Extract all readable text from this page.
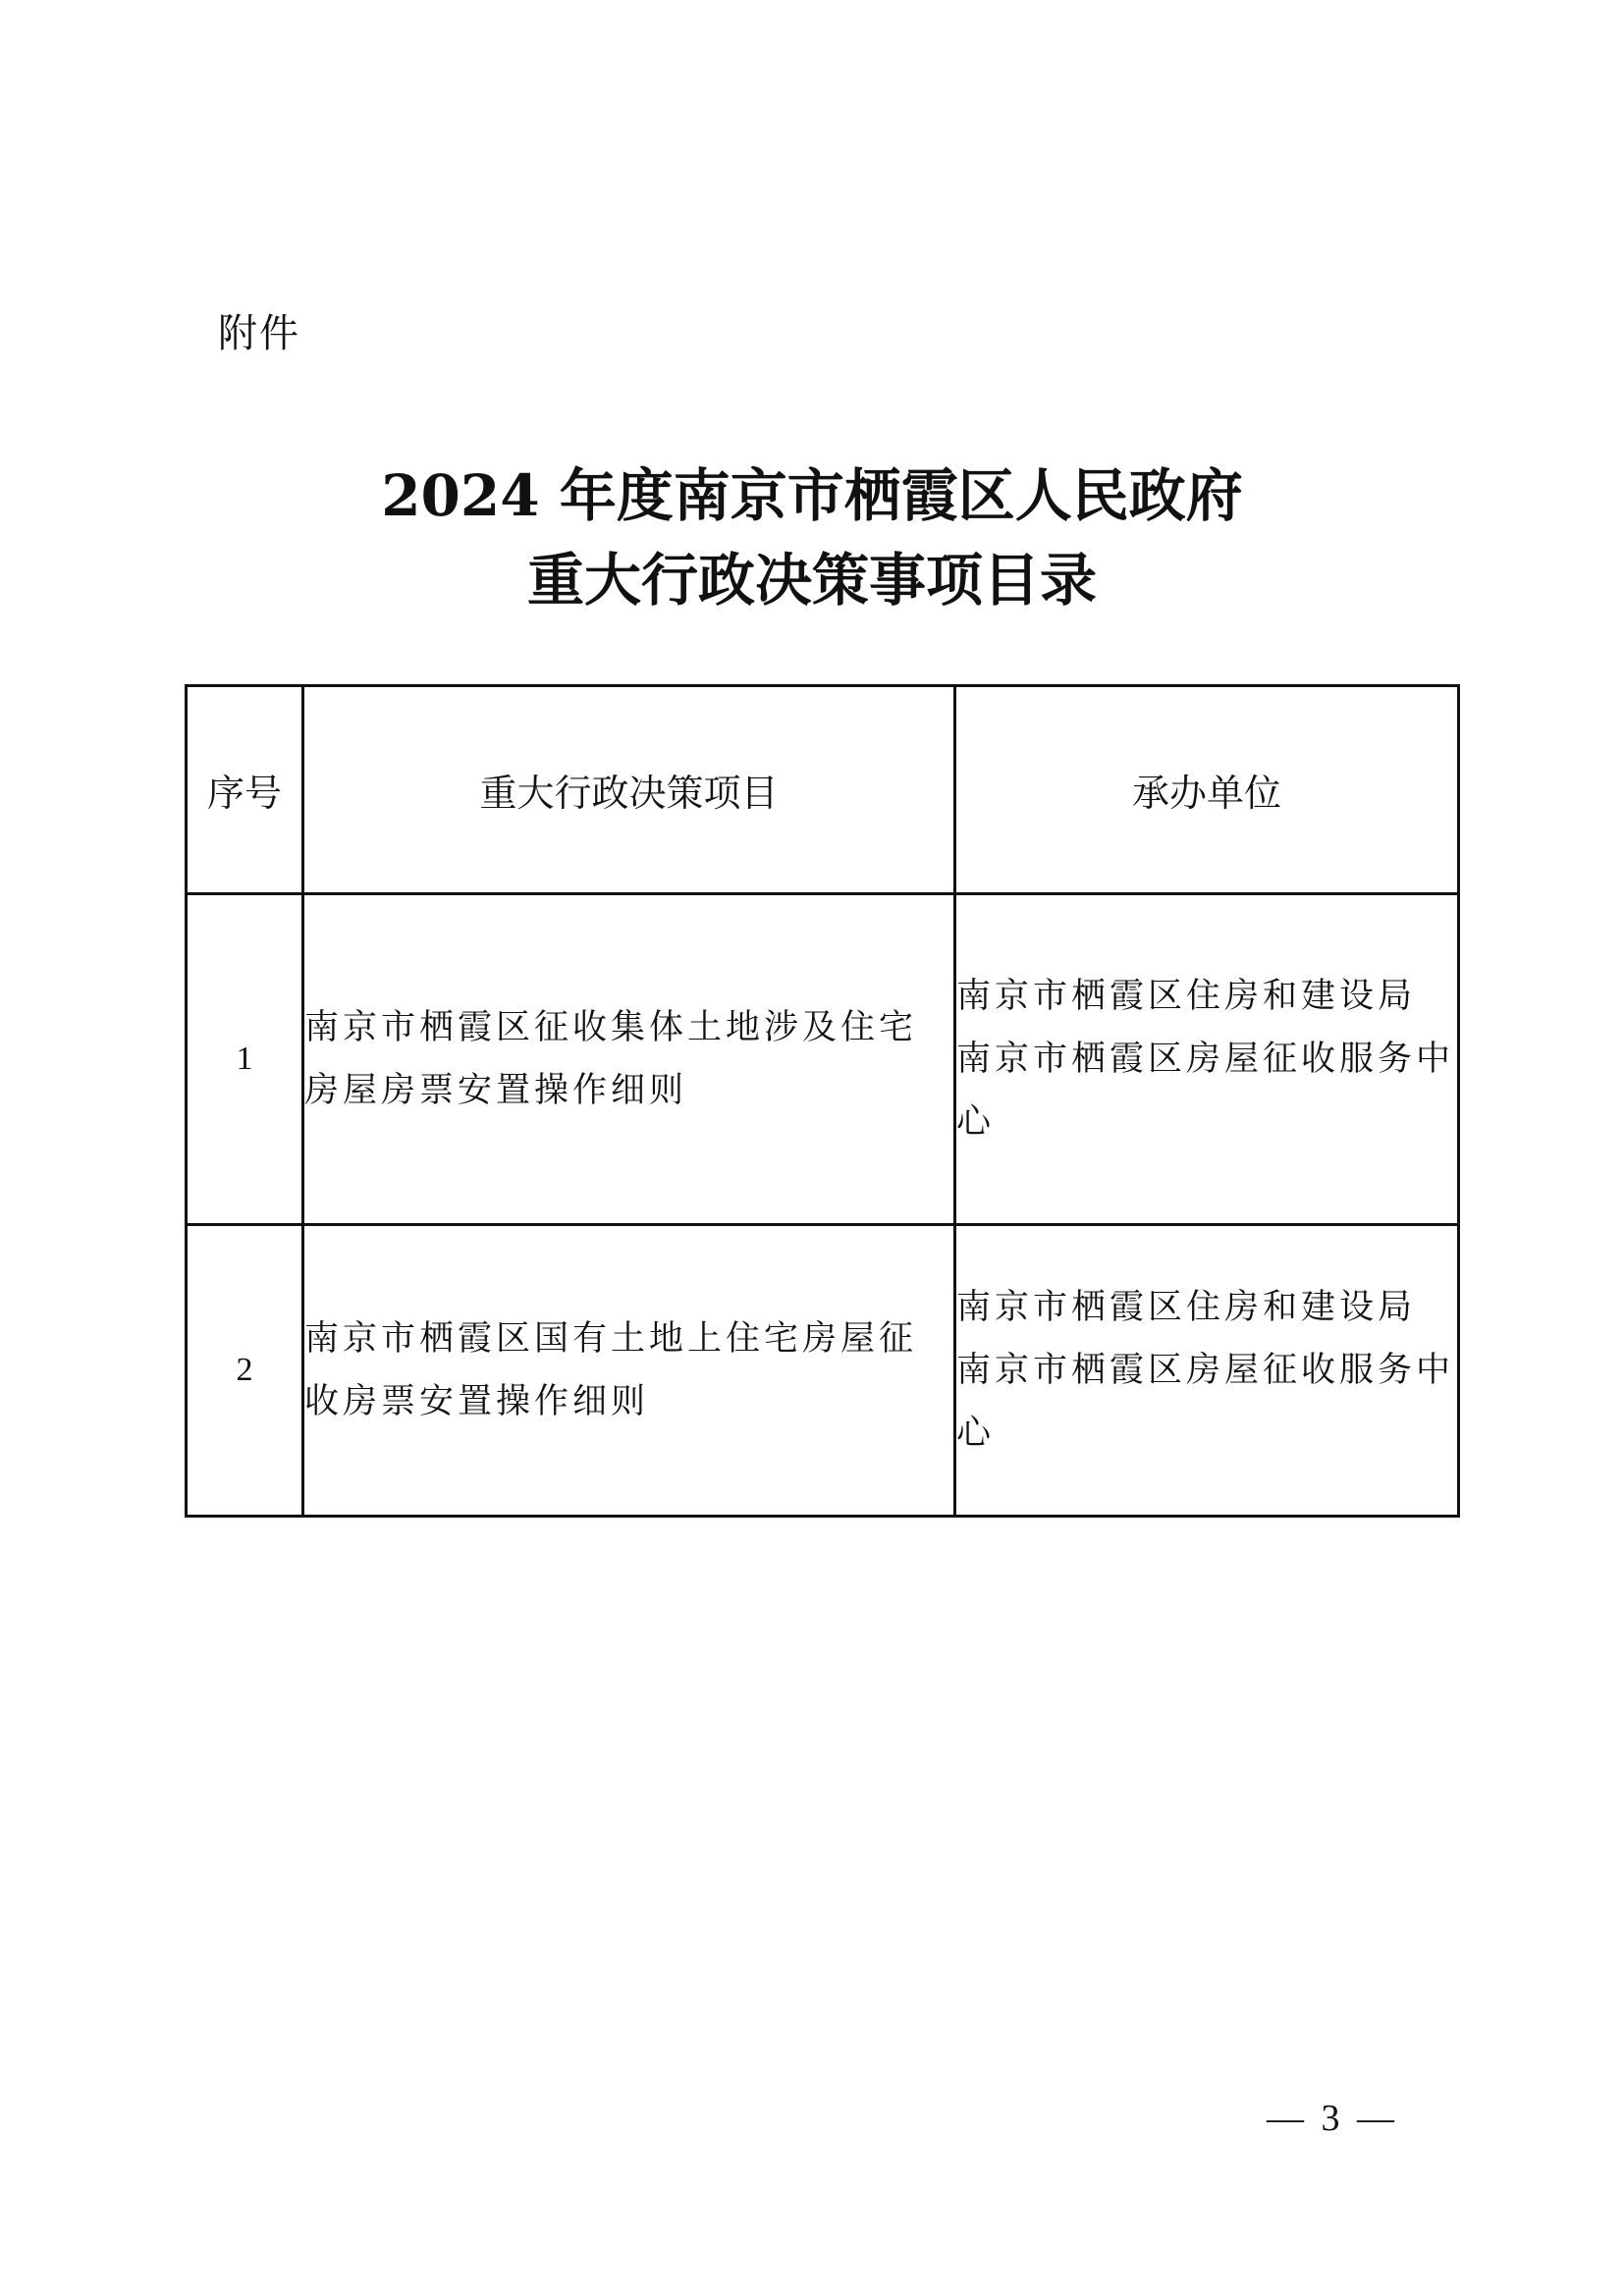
附件
2024 年度南京市栖霞区人民政府
重大行政决策事项目录
序号	重大行政决策项目	承办单位
1	南京市栖霞区征收集体土地涉及住宅房屋房票安置操作细则	南京市栖霞区住房和建设局
南京市栖霞区房屋征收服务中心

2	南京市栖霞区国有土地上住宅房屋征收房票安置操作细则	南京市栖霞区住房和建设局
南京市栖霞区房屋征收服务中心
— 3 —
